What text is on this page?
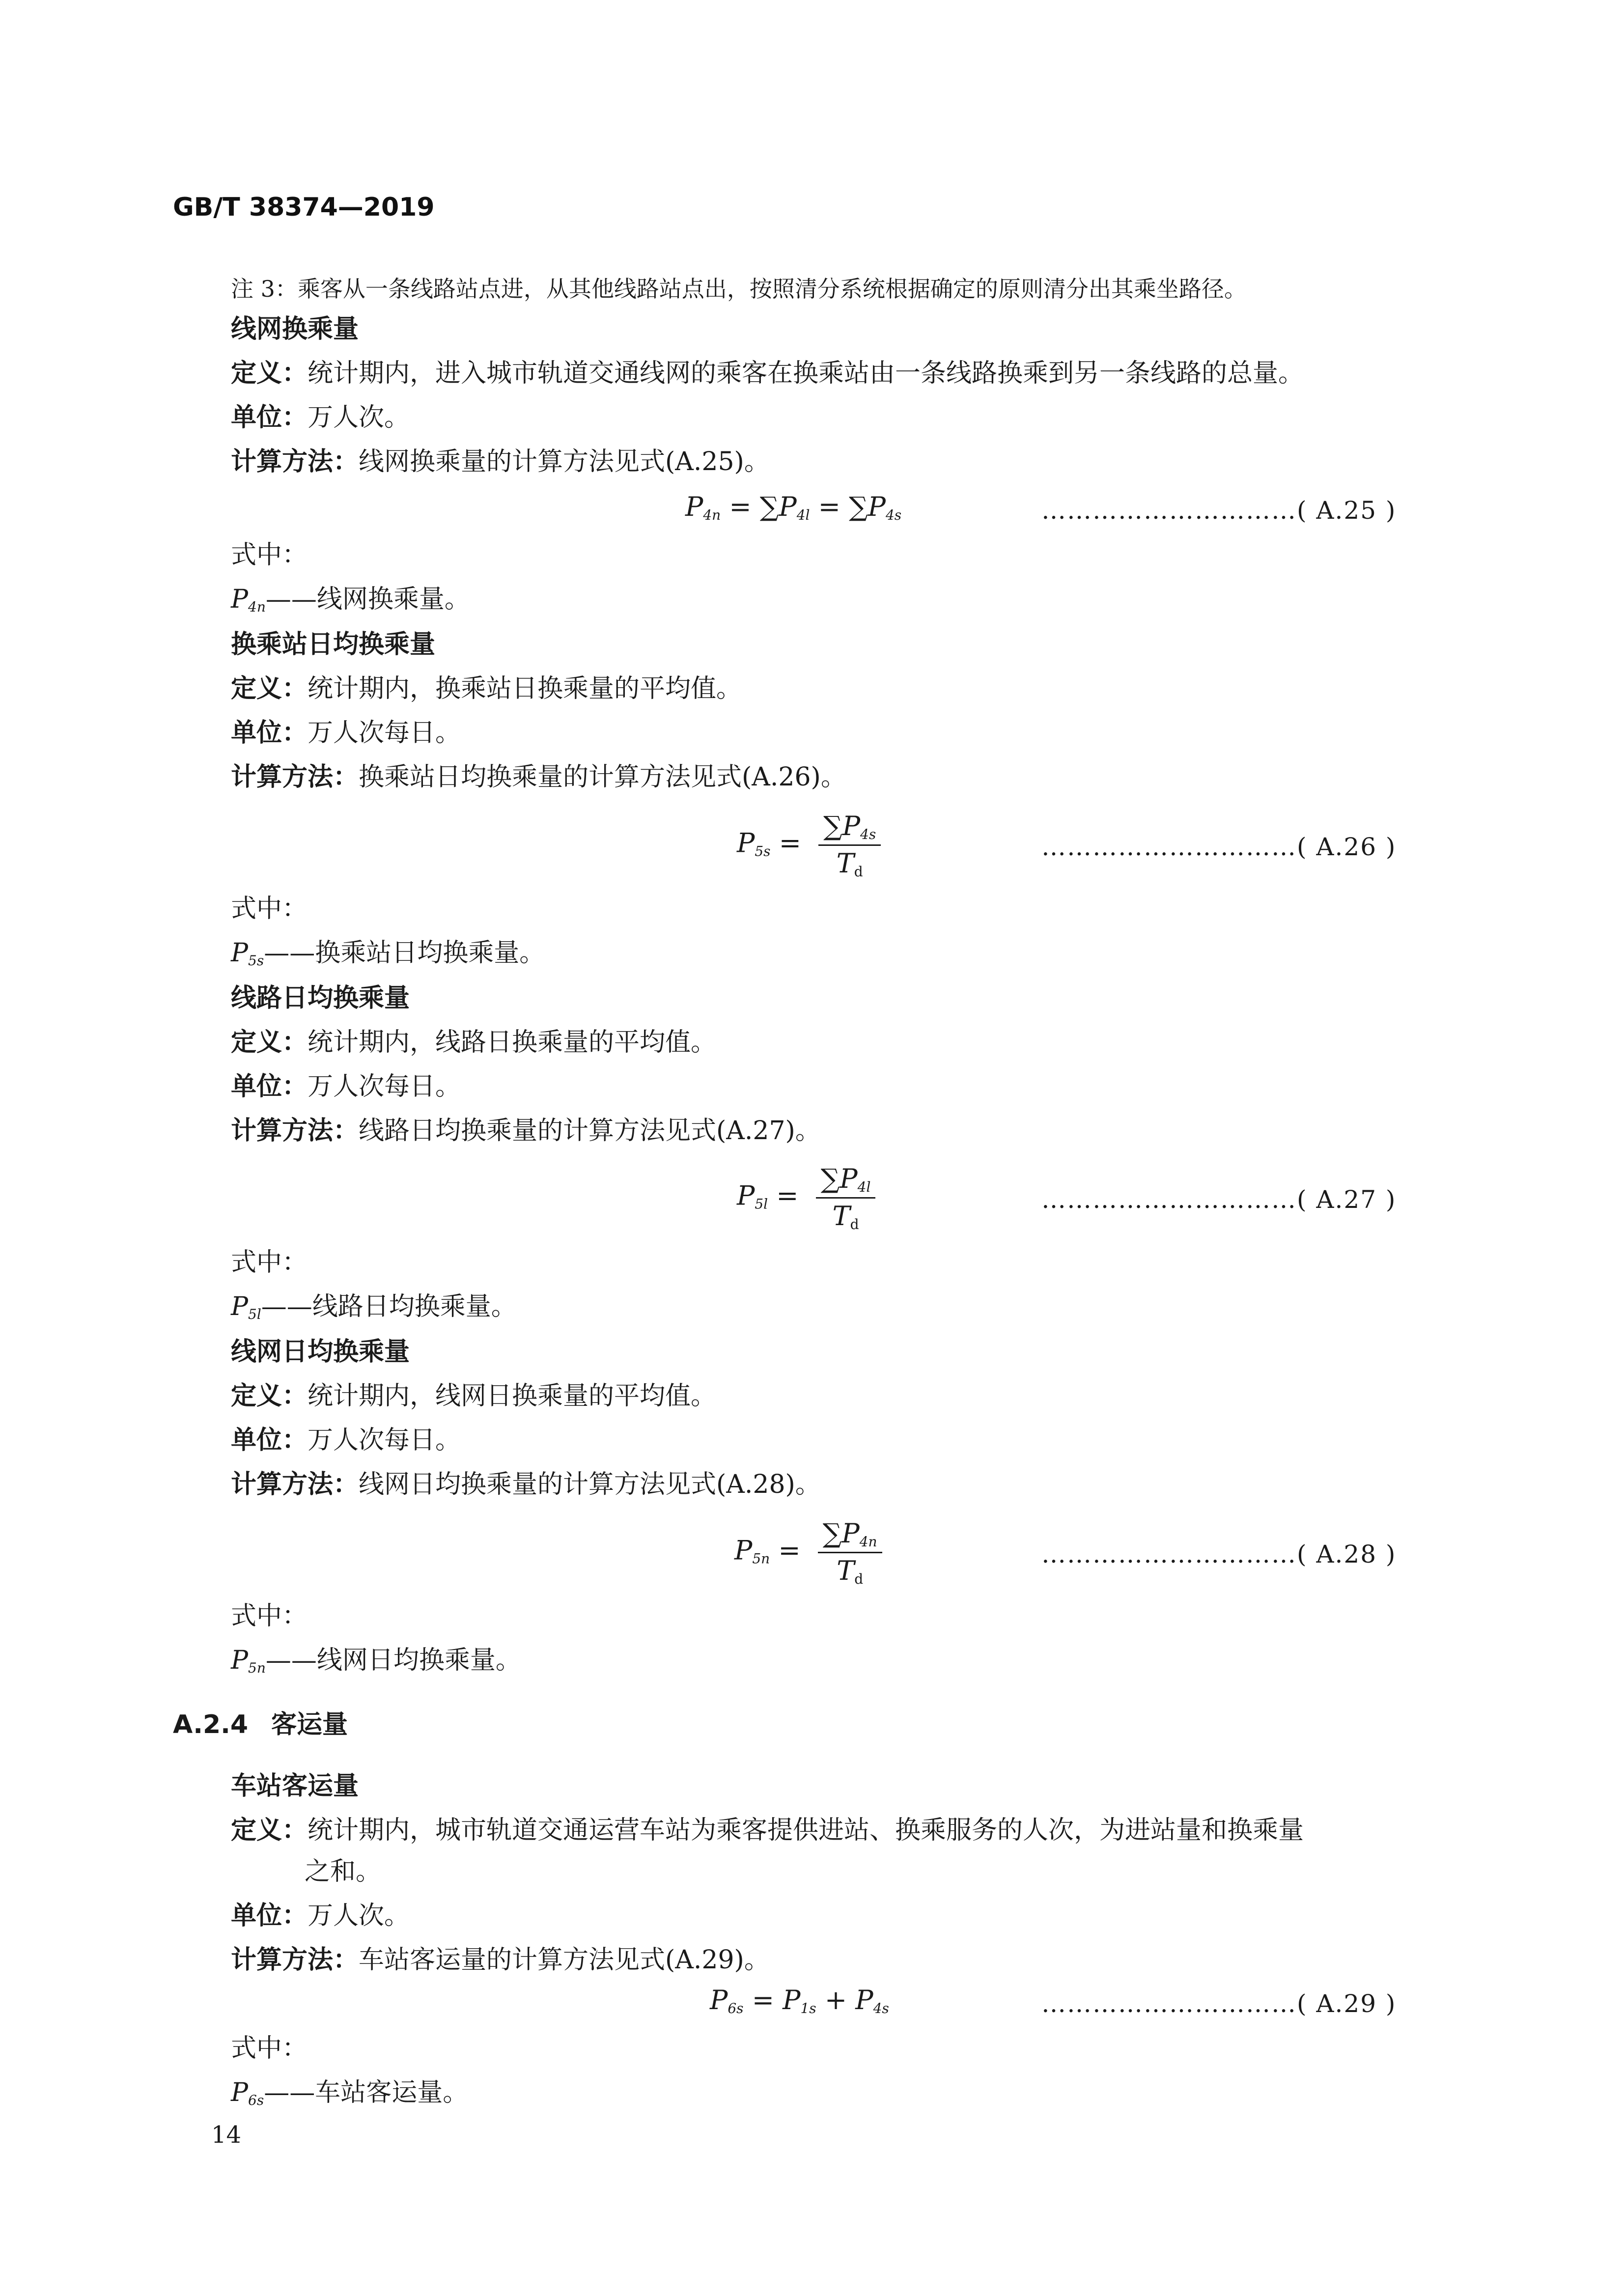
GB/T 38374—2019
注 3：乘客从一条线路站点进，从其他线路站点出，按照清分系统根据确定的原则清分出其乘坐路径。
线网换乘量
定义：统计期内，进入城市轨道交通线网的乘客在换乘站由一条线路换乘到另一条线路的总量。
单位：万人次。
计算方法：线网换乘量的计算方法见式(A.25)。
$P_{4n} = \sum P_{4l} = \sum P_{4s}$	…………………………( A.25 )
式中：
$P_{4n}——$线网换乘量。
换乘站日均换乘量
定义：统计期内，换乘站日换乘量的平均值。
单位：万人次每日。
计算方法：换乘站日均换乘量的计算方法见式(A.26)。
$P_{5s} = \frac{\sum P_{4s}}{T_d}$	…………………………( A.26 )
式中：
$P_{5s}——$换乘站日均换乘量。
线路日均换乘量
定义：统计期内，线路日换乘量的平均值。
单位：万人次每日。
计算方法：线路日均换乘量的计算方法见式(A.27)。
$P_{5l} = \frac{\sum P_{4l}}{T_d}$	…………………………( A.27 )
式中：
$P_{5l}——$线路日均换乘量。
线网日均换乘量
定义：统计期内，线网日换乘量的平均值。
单位：万人次每日。
计算方法：线网日均换乘量的计算方法见式(A.28)。
$P_{5n} = \frac{\sum P_{4n}}{T_d}$	…………………………( A.28 )
式中：
$P_{5n}——$线网日均换乘量。
A.2.4 客运量
车站客运量
定义：统计期内，城市轨道交通运营车站为乘客提供进站、换乘服务的人次，为进站量和换乘量
之和。
单位：万人次。
计算方法：车站客运量的计算方法见式(A.29)。
$P_{6s} = P_{1s} + P_{4s}$	…………………………( A.29 )
式中：
$P_{6s}——$车站客运量。
14
